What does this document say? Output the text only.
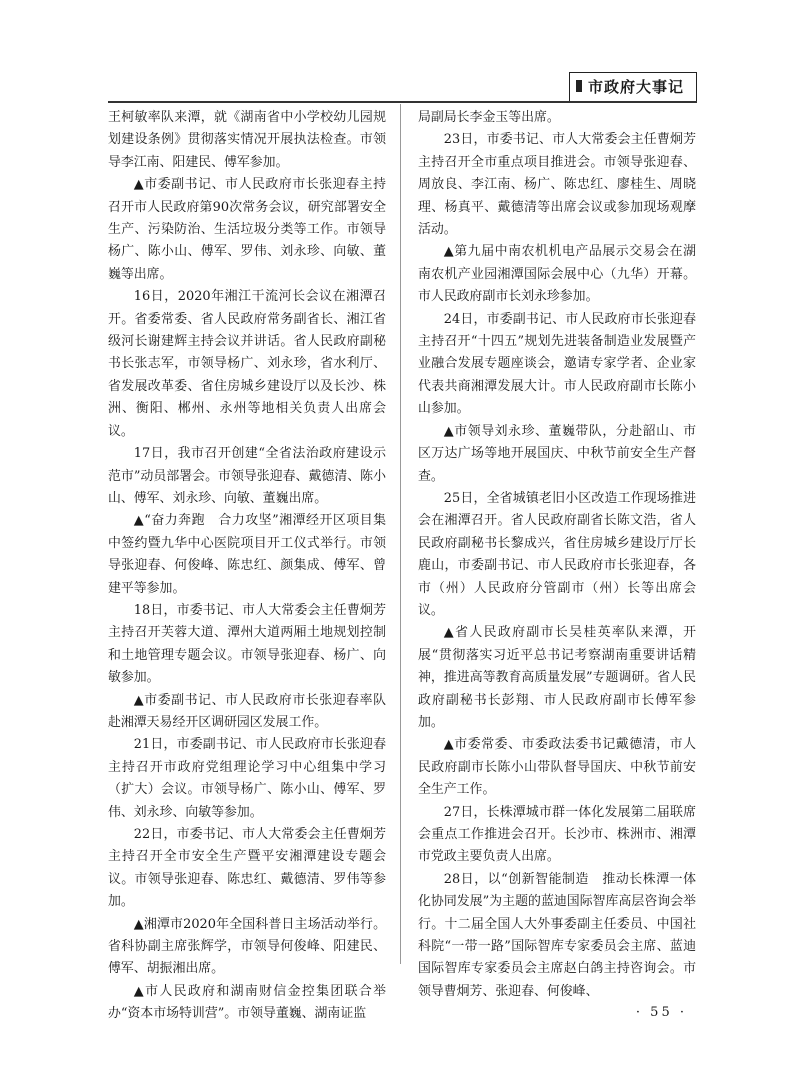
市政府大事记

王柯敏率队来潭，就《湖南省中小学校幼儿园规划建设条例》贯彻落实情况开展执法检查。市领导李江南、阳建民、傅军参加。

▲市委副书记、市人民政府市长张迎春主持召开市人民政府第90次常务会议，研究部署安全生产、污染防治、生活垃圾分类等工作。市领导杨广、陈小山、傅军、罗伟、刘永珍、向敏、董巍等出席。

16日，2020年湘江干流河长会议在湘潭召开。省委常委、省人民政府常务副省长、湘江省级河长谢建辉主持会议并讲话。省人民政府副秘书长张志军，市领导杨广、刘永珍，省水利厅、省发展改革委、省住房城乡建设厅以及长沙、株洲、衡阳、郴州、永州等地相关负责人出席会议。

17日，我市召开创建“全省法治政府建设示范市”动员部署会。市领导张迎春、戴德清、陈小山、傅军、刘永珍、向敏、董巍出席。

▲“奋力奔跑　合力攻坚”湘潭经开区项目集中签约暨九华中心医院项目开工仪式举行。市领导张迎春、何俊峰、陈忠红、颜集成、傅军、曾建平等参加。

18日，市委书记、市人大常委会主任曹炯芳主持召开芙蓉大道、潭州大道两厢土地规划控制和土地管理专题会议。市领导张迎春、杨广、向敏参加。

▲市委副书记、市人民政府市长张迎春率队赴湘潭天易经开区调研园区发展工作。

21日，市委副书记、市人民政府市长张迎春主持召开市政府党组理论学习中心组集中学习（扩大）会议。市领导杨广、陈小山、傅军、罗伟、刘永珍、向敏等参加。

22日，市委书记、市人大常委会主任曹炯芳主持召开全市安全生产暨平安湘潭建设专题会议。市领导张迎春、陈忠红、戴德清、罗伟等参加。

▲湘潭市2020年全国科普日主场活动举行。省科协副主席张辉学，市领导何俊峰、阳建民、傅军、胡振湘出席。

▲市人民政府和湖南财信金控集团联合举办“资本市场特训营”。市领导董巍、湖南证监

局副局长李金玉等出席。

23日，市委书记、市人大常委会主任曹炯芳主持召开全市重点项目推进会。市领导张迎春、周放良、李江南、杨广、陈忠红、廖桂生、周晓理、杨真平、戴德清等出席会议或参加现场观摩活动。

▲第九届中南农机机电产品展示交易会在湖南农机产业园湘潭国际会展中心（九华）开幕。市人民政府副市长刘永珍参加。

24日，市委副书记、市人民政府市长张迎春主持召开“十四五”规划先进装备制造业发展暨产业融合发展专题座谈会，邀请专家学者、企业家代表共商湘潭发展大计。市人民政府副市长陈小山参加。

▲市领导刘永珍、董巍带队，分赴韶山、市区万达广场等地开展国庆、中秋节前安全生产督查。

25日，全省城镇老旧小区改造工作现场推进会在湘潭召开。省人民政府副省长陈文浩，省人民政府副秘书长黎成兴，省住房城乡建设厅厅长鹿山，市委副书记、市人民政府市长张迎春，各市（州）人民政府分管副市（州）长等出席会议。

▲省人民政府副市长吴桂英率队来潭，开展“贯彻落实习近平总书记考察湖南重要讲话精神，推进高等教育高质量发展”专题调研。省人民政府副秘书长彭翔、市人民政府副市长傅军参加。

▲市委常委、市委政法委书记戴德清，市人民政府副市长陈小山带队督导国庆、中秋节前安全生产工作。

27日，长株潭城市群一体化发展第二届联席会重点工作推进会召开。长沙市、株洲市、湘潭市党政主要负责人出席。

28日，以“创新智能制造　推动长株潭一体化协同发展”为主题的蓝迪国际智库高层咨询会举行。十二届全国人大外事委副主任委员、中国社科院“一带一路”国际智库专家委员会主席、蓝迪国际智库专家委员会主席赵白鸽主持咨询会。市领导曹炯芳、张迎春、何俊峰、

· 55 ·
